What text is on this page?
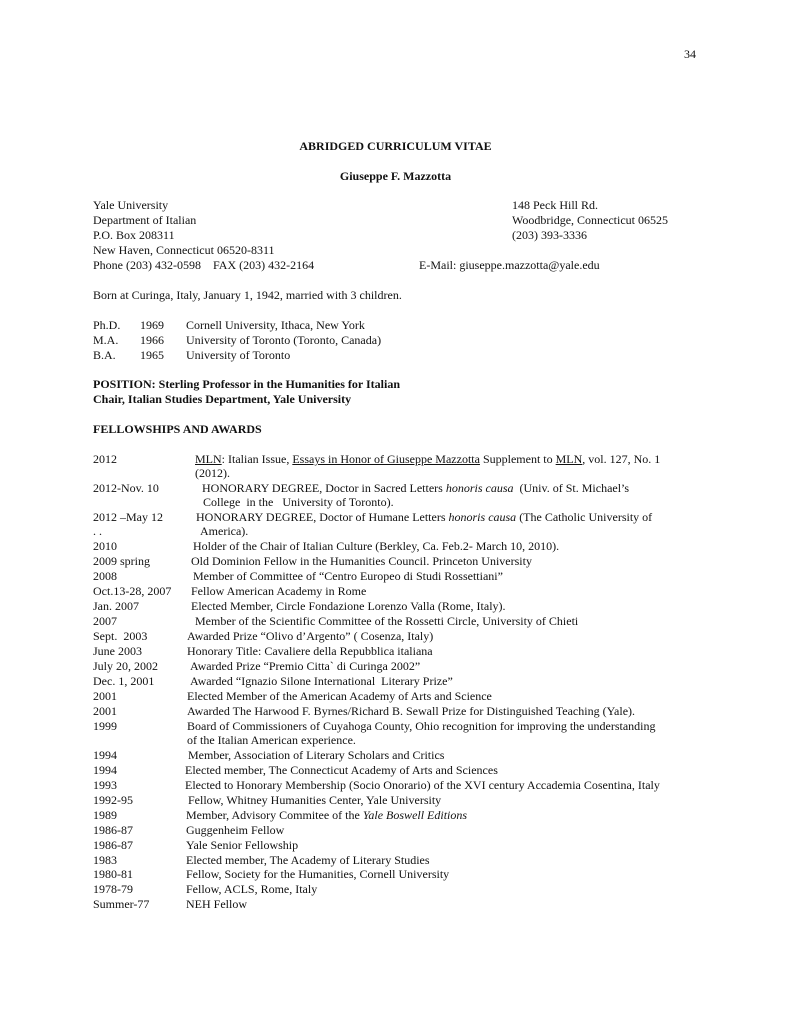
34
ABRIDGED CURRICULUM VITAE
Giuseppe F. Mazzotta
Yale University
Department of Italian
P.O. Box 208311
New Haven, Connecticut 06520-8311
Phone (203) 432-0598    FAX (203) 432-2164
148 Peck Hill Rd.
Woodbridge, Connecticut 06525
(203) 393-3336
E-Mail: giuseppe.mazzotta@yale.edu
Born at Curinga, Italy, January 1, 1942, married with 3 children.
Ph.D. 1969 Cornell University, Ithaca, New York
M.A. 1966 University of Toronto (Toronto, Canada)
B.A. 1965 University of Toronto
POSITION: Sterling Professor in the Humanities for Italian
Chair, Italian Studies Department, Yale University
FELLOWSHIPS AND AWARDS
2012	MLN: Italian Issue, Essays in Honor of Giuseppe Mazzotta Supplement to MLN, vol. 127, No. 1
(2012).
2012-Nov. 10	HONORARY DEGREE, Doctor in Sacred Letters honoris causa  (Univ. of St. Michael’s
College  in the   University of Toronto).
2012 –May 12	HONORARY DEGREE, Doctor of Humane Letters honoris causa (The Catholic University of
. .	America).
2010	Holder of the Chair of Italian Culture (Berkley, Ca. Feb.2- March 10, 2010).
2009 spring	Old Dominion Fellow in the Humanities Council. Princeton University
2008	Member of Committee of “Centro Europeo di Studi Rossettiani”
Oct.13-28, 2007 Fellow American Academy in Rome
Jan. 2007	Elected Member, Circle Fondazione Lorenzo Valla (Rome, Italy).
2007	Member of the Scientific Committee of the Rossetti Circle, University of Chieti
Sept.  2003	Awarded Prize “Olivo d’Argento” ( Cosenza, Italy)
June 2003	Honorary Title: Cavaliere della Repubblica italiana
July 20, 2002	Awarded Prize “Premio Citta` di Curinga 2002”
Dec. 1, 2001	Awarded “Ignazio Silone International  Literary Prize”
2001	Elected Member of the American Academy of Arts and Science
2001	Awarded The Harwood F. Byrnes/Richard B. Sewall Prize for Distinguished Teaching (Yale).
1999	Board of Commissioners of Cuyahoga County, Ohio recognition for improving the understanding
of the Italian American experience.
1994	Member, Association of Literary Scholars and Critics
1994	Elected member, The Connecticut Academy of Arts and Sciences
1993	Elected to Honorary Membership (Socio Onorario) of the XVI century Accademia Cosentina, Italy
1992-95	Fellow, Whitney Humanities Center, Yale University
1989	Member, Advisory Commitee of the Yale Boswell Editions
1986-87	Guggenheim Fellow
1986-87	Yale Senior Fellowship
1983	Elected member, The Academy of Literary Studies
1980-81	Fellow, Society for the Humanities, Cornell University
1978-79	Fellow, ACLS, Rome, Italy
Summer-77	NEH Fellow
